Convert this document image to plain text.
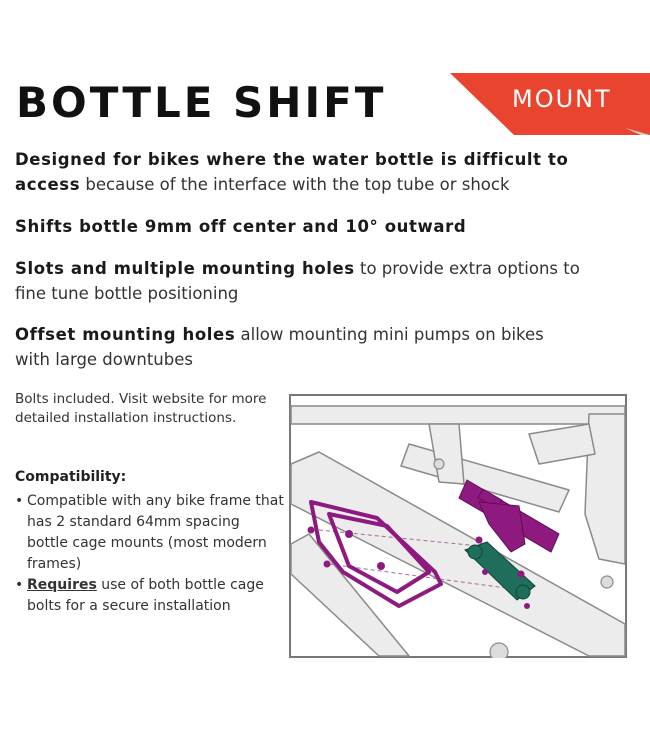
BOTTLE SHIFT	MOUNT
Designed for bikes where the water bottle is difficult to access because of the interface with the top tube or shock
Shifts bottle 9mm off center and 10° outward
Slots and multiple mounting holes to provide extra options to fine tune bottle positioning
Offset mounting holes allow mounting mini pumps on bikes with large downtubes
Bolts included. Visit website for more detailed installation instructions.
Compatibility:
• Compatible with any bike frame that has 2 standard 64mm spacing bottle cage mounts (most modern frames)
• Requires use of both bottle cage bolts for a secure installation
